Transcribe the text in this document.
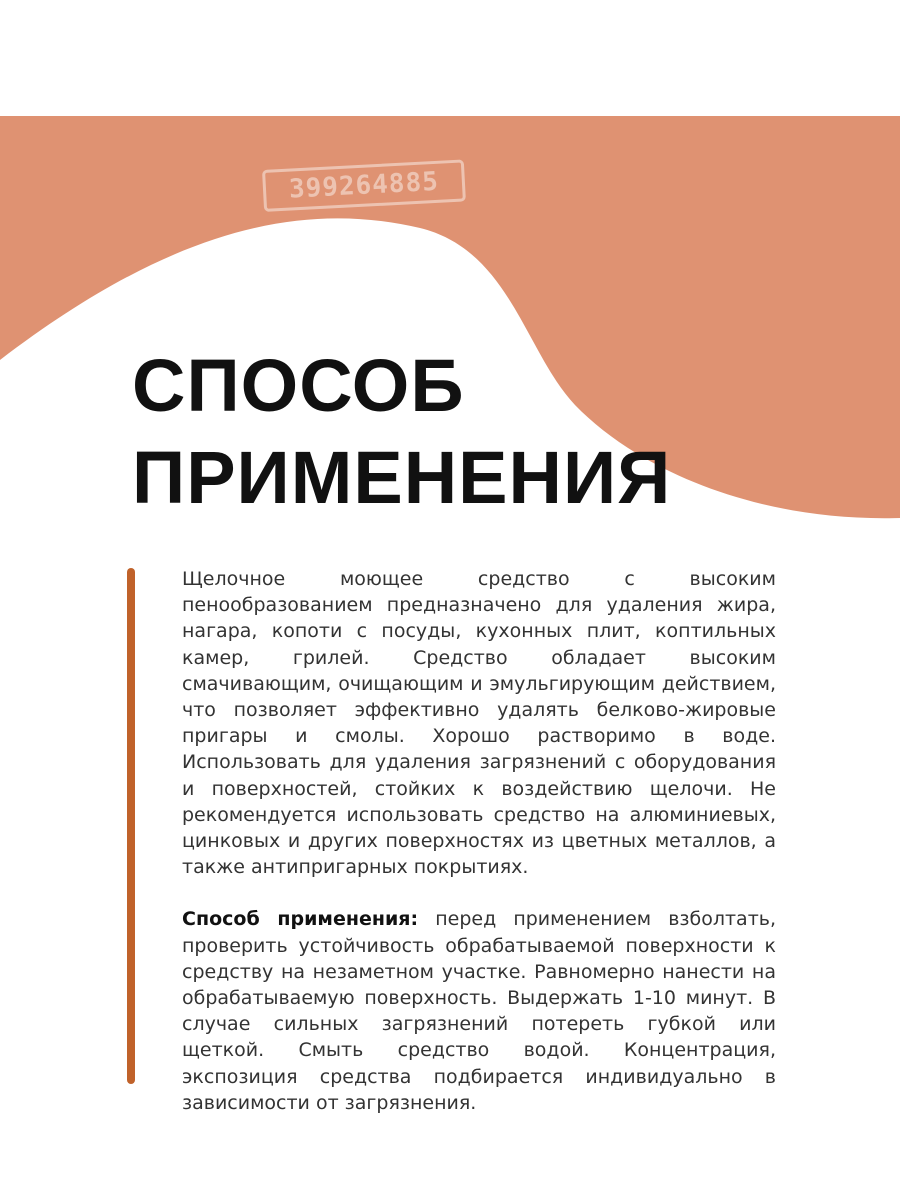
399264885
СПОСОБ
ПРИМЕНЕНИЯ

Щелочное моющее средство с высоким пенообразованием предназначено для удаления жира, нагара, копоти с посуды, кухонных плит, коптильных камер, грилей. Средство обладает высоким смачивающим, очищающим и эмульгирующим действием, что позволяет эффективно удалять белково-жировые пригары и смолы. Хорошо растворимо в воде. Использовать для удаления загрязнений с оборудования и поверхностей, стойких к воздействию щелочи. Не рекомендуется использовать средство на алюминиевых, цинковых и других поверхностях из цветных металлов, а также антипригарных покрытиях.

Способ применения: перед применением взболтать, проверить устойчивость обрабатываемой поверхности к средству на незаметном участке. Равномерно нанести на обрабатываемую поверхность. Выдержать 1-10 минут. В случае сильных загрязнений потереть губкой или щеткой. Смыть средство водой. Концентрация, экспозиция средства подбирается индивидуально в зависимости от загрязнения.
